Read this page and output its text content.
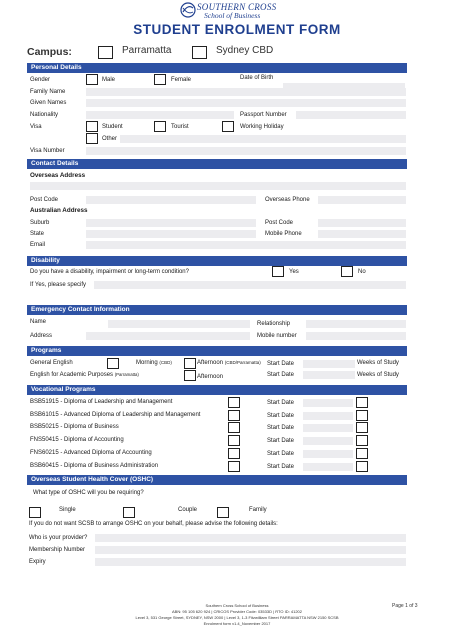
SOUTHERN CROSS
School of Business
STUDENT ENROLMENT FORM
Campus:	Parramatta	Sydney CBD
Personal Details
Gender	Male	Female	Date of Birth
Family Name
Given Names
Nationality	Passport Number
Visa	Student	Tourist	Working Holiday
Other
Visa Number
Contact Details
Overseas Address
Post Code	Overseas Phone
Australian Address
Suburb	Post Code
State	Mobile Phone
Email
Disability
Do you have a disability, impairment or long-term condition?	Yes	No
If Yes, please specify
Emergency Contact Information
Name	Relationship
Address	Mobile number
Programs
General English	Morning (CBD)	Afternoon (CBD/Parramatta) Start Date	Weeks of Study
English for Academic Purposes (Parramatta)	Afternoon	Start Date	Weeks of Study
Vocational Programs
BSB51915 - Diploma of Leadership and Management	Start Date
BSB61015 - Advanced Diploma of Leadership and Management	Start Date
BSB50215 - Diploma of Business	Start Date
FNS50415 - Diploma of Accounting	Start Date
FNS60215 - Advanced Diploma of Accounting	Start Date
BSB60415 - Diploma of Business Administration	Start Date
Overseas Student Health Cover (OSHC)
What type of OSHC will you be requiring?
Single	Couple	Family
If you do not want SCSB to arrange OSHC on your behalf, please advise the following details:
Who is your provider?
Membership Number
Expiry
Southern Cross School of Business
ABN: 95 105 620 924 | CRICOS Provider Code: 03533D | RTO ID: 41202
Level 3, 531 George Street, SYDNEY, NSW 2000 | Level 3, 1-3 Fitzwilliam Street PARRAMATTA NSW 2150 SCSB
Enrolment form v1.4_November 2017
Page 1 of 3
